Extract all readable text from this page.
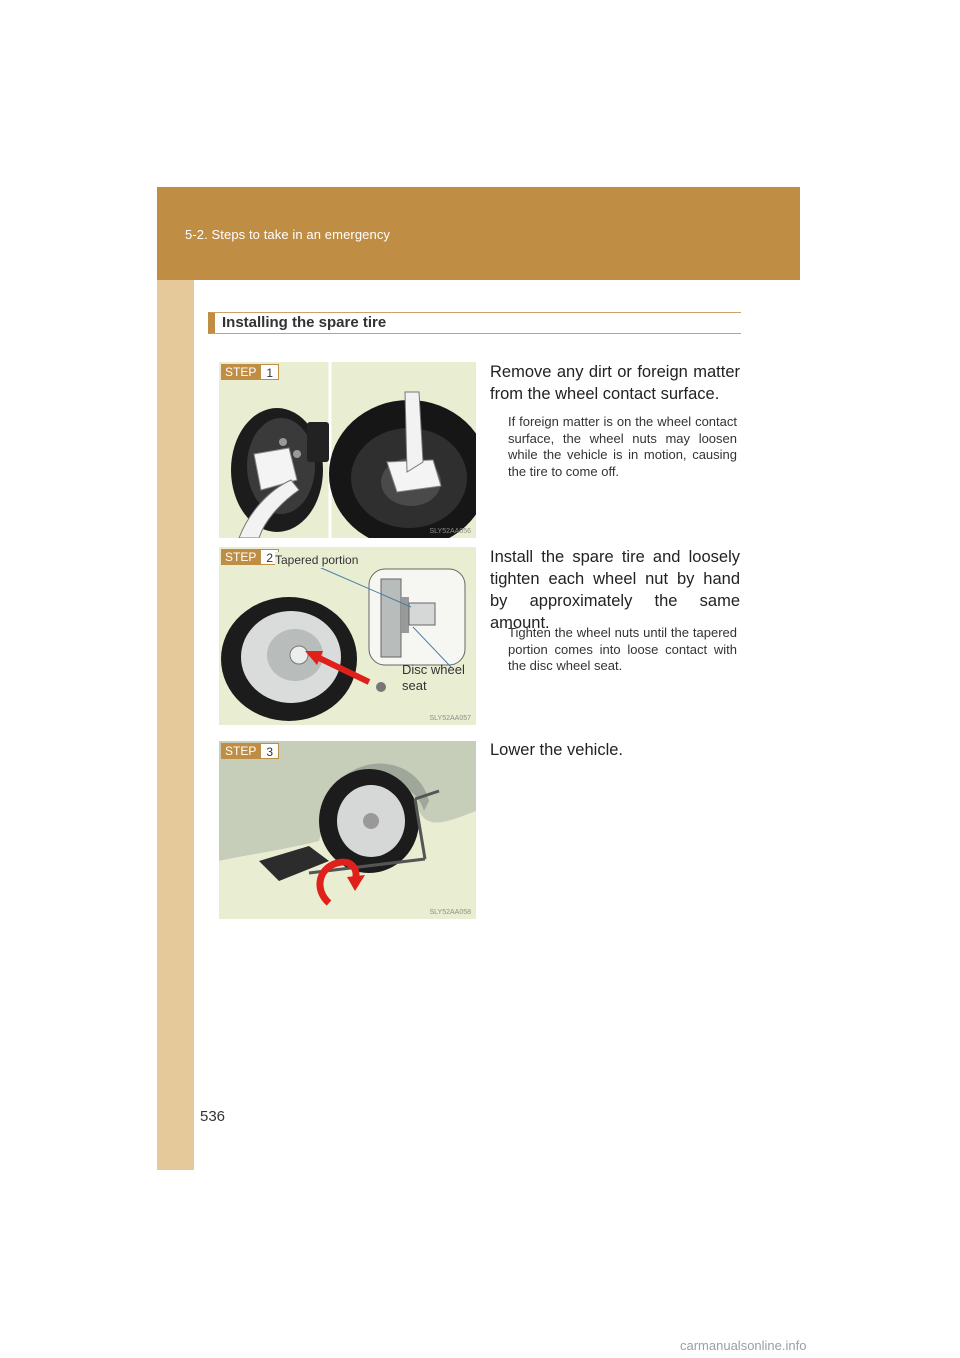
5-2. Steps to take in an emergency
536
Installing the spare tire
STEP 1
SLY52AA056
Remove any dirt or foreign matter from the wheel contact surface.
If foreign matter is on the wheel contact surface, the wheel nuts may loosen while the vehicle is in motion, causing the tire to come off.
STEP 2 Tapered portion
Disc wheel seat
SLY52AA057
Install the spare tire and loosely tighten each wheel nut by hand by approximately the same amount.
Tighten the wheel nuts until the tapered portion comes into loose contact with the disc wheel seat.
STEP 3
SLY52AA058
Lower the vehicle.
carmanualsonline.info
